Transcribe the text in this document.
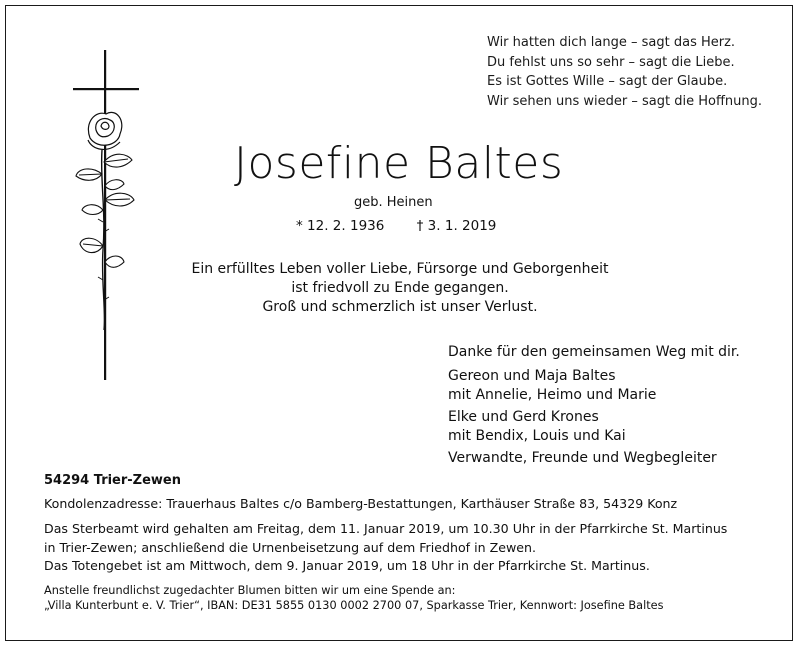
Wir hatten dich lange – sagt das Herz.
Du fehlst uns so sehr – sagt die Liebe.
Es ist Gottes Wille – sagt der Glaube.
Wir sehen uns wieder – sagt die Hoffnung.
Josefine Baltes
geb. Heinen
* 12. 2. 1936 † 3. 1. 2019
Ein erfülltes Leben voller Liebe, Fürsorge und Geborgenheit
ist friedvoll zu Ende gegangen.
Groß und schmerzlich ist unser Verlust.
Danke für den gemeinsamen Weg mit dir.
Gereon und Maja Baltes
mit Annelie, Heimo und Marie
Elke und Gerd Krones
mit Bendix, Louis und Kai
Verwandte, Freunde und Wegbegleiter
54294 Trier-Zewen
Kondolenzadresse: Trauerhaus Baltes c/o Bamberg-Bestattungen, Karthäuser Straße 83, 54329 Konz
Das Sterbeamt wird gehalten am Freitag, dem 11. Januar 2019, um 10.30 Uhr in der Pfarrkirche St. Martinus
in Trier-Zewen; anschließend die Urnenbeisetzung auf dem Friedhof in Zewen.
Das Totengebet ist am Mittwoch, dem 9. Januar 2019, um 18 Uhr in der Pfarrkirche St. Martinus.
Anstelle freundlichst zugedachter Blumen bitten wir um eine Spende an:
„Villa Kunterbunt e. V. Trier“, IBAN: DE31 5855 0130 0002 2700 07, Sparkasse Trier, Kennwort: Josefine Baltes
